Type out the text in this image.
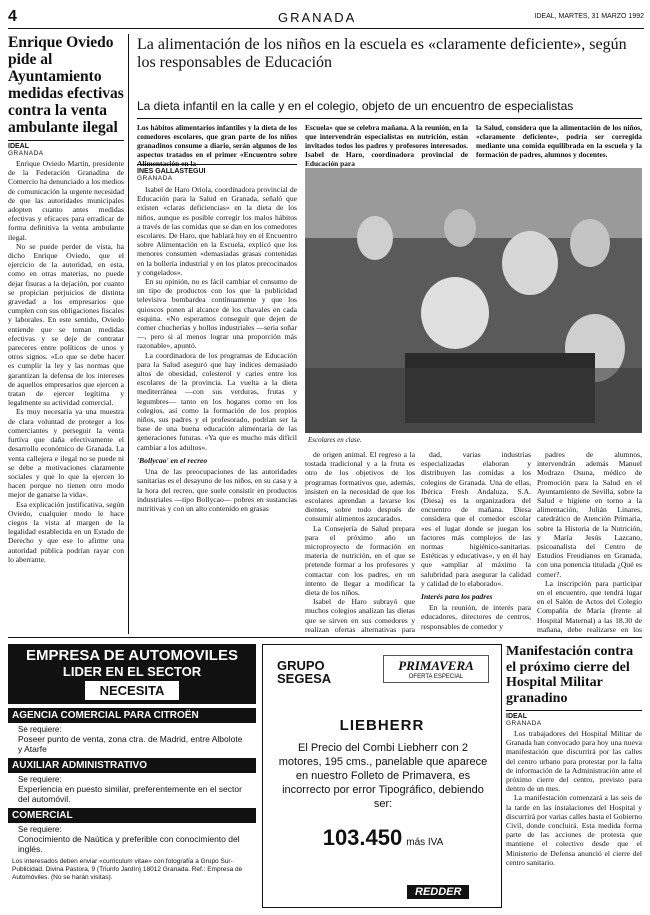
4	GRANADA	IDEAL, MARTES, 31 MARZO 1992
Enrique Oviedo pide al Ayuntamiento medidas efectivas contra la venta ambulante ilegal
IDEAL
GRANADA

Enrique Oviedo Martín, presidente de la Federación Granadina de Comercio ha denunciado a los medios de comunicación la urgente necesidad de que las autoridades municipales adopten cuanto antes medidas efectivas y eficaces para erradicar de forma definitiva la venta ambulante ilegal.

No se puede perder de vista, ha dicho Enrique Oviedo, que el ejercicio de la autoridad, en esta, como en otras materias, no puede dejar fisuras a la dejación, por cuanto se propician perjuicios de distinta gravedad a los empresarios que cumplen con sus obligaciones fiscales y laborales. En este sentido, Oviedo entiende que se toman medidas efectivas y se deje de contratar pareceres entre políticos de unos y otros signos. «Lo que se debe hacer es cumplir la ley y las normas que garantizan la defensa de los intereses de aquellos empresarios que ejercen a tratan de ejercer legítima y legalmente su actividad comercial.

Es muy necesaria ya una muestra de clara voluntad de proteger a los comerciantes y perseguir la venta furtiva que daña efectivamente el desarrollo económico de Granada. La venta callejera e ilegal no se puede ni se debe a motivaciones claramente sociales y que lo que la ejercen lo hacen porque no tienen otro modo mejor de ganarse la vida».

Esa explicación justificativa, según Oviedo, cualquier modo le hace ciegos la vista al margen de la legalidad establecida en un Estado de Derecho y que ese lo afirme una autoridad pública podrían rayar con lo aberrante.

La alimentación de los niños en la escuela es «claramente deficiente», según los responsables de Educación
La dieta infantil en la calle y en el colegio, objeto de un encuentro de especialistas
Los hábitos alimentarios infantiles y la dieta de los comedores escolares, que gran parte de los niños granadinos consume a diario, serán algunos de los aspectos tratados en el primer «Encuentro sobre
Escuela» que se celebra mañana. A la reunión, en la que intervendrán especialistas en nutrición, están invitados todos los padres y profesores interesados. Isabel de Haro, coordinadora provincial de Educación para
la Salud, considera que la alimentación de los niños, «claramente deficiente», podría ser corregida mediante una comida equilibrada en la escuela y la formación de padres, alumnos y docentes.
INES GALLASTEGUI
GRANADA

Isabel de Haro Oriola, coordinadora provincial de Educación para la Salud en Granada, señaló que existen «claras deficiencias» en la dieta de los niños, aunque es posible corregir los malos hábitos a través de las comidas que se dan en los comedores escolares. De Haro, que hablará hoy en el Encuentro sobre Alimentación en la Escuela, explicó que los menores consumen «demasiadas grasas contenidas en la bollería industrial y en los platos precocinados y congelados».

En su opinión, no es fácil cambiar el consumo de un tipo de productos con los que la publicidad televisiva bombardea continuamente y que los quioscos ponen al alcance de los chavales en cada esquina. «No esperamos conseguir que dejen de comer chucherías y bollos industriales —seria soñar—, pero si al menos lograr una proporción más razonable», apuntó.

La coordinadora de los programas de Educación para la Salud aseguró que hay índices demasiado altos de obesidad, colesterol y caries entre los escolares de la provincia. La vuelta a la dieta mediterránea —con sus verduras, frutas y legumbres— tanto en los hogares como en los colegios, así como la formación de los propios niños, sus padres y el profesorado, podrían ser la base de una buena educación alimentaria de las generaciones futuras. «Ya que es mucho más difícil cambiar a los adultos».

'Bollycao' en el recreo

Una de las preocupaciones de las autoridades sanitarias es el desayuno de los niños, en su casa y a la hora del recreo, que suele consistir en productos industriales —tipo Bollycao— pobres en sustancias nutritivas y con un alto contenido en grasas

Escolares en clase.

de origen animal. El regreso a la tostada tradicional y a la fruta es otro de los objetivos de los programas formativos que, además, insisten en la necesidad de que los escolares aprendan a lavarse los dientes, sobre todo después de consumir alimentos azucarados.

La Consejería de Salud prepara para el próximo año un microproyecto de formación en materia de nutrición, en el que se pretende formar a los profesores y contactar con los padres, en un intento de llegar a modificar la dieta de los niños.

Isabel de Haro subrayó que muchos colegios analizan las dietas que se sirven en sus comedores y realizan ofertas alternativas para

dad, varias industrias especializadas elaboran y distribuyen las comidas a los colegios de Granada. Una de ellas, Ibérica Fresh Andaluza, S.A. (Diesa) es la organizadora del encuentro de mañana. Diesa considera que el comedor escolar «es el lugar donde se juegan los factores más complejos de las normas higiénico-sanitarias. Estéticas y educativas», y en él hay que «ampliar al máximo la salubridad para asegurar la calidad y calidad de lo elaborado».

Interés para los padres

En la reunión, de interés para educadores, directores de centros, responsables de comedor y

padres de alumnos, intervendrán además Manuel Modrazo Osuna, médico de Promoción para la Salud en el Ayuntamiento de Sevilla, sobre la Salud e higiene en torno a la alimentación, Julián Linares, catedrático de Atención Primaria, sobre la Historia de la Nutrición, y María Jesús Lazcano, psicoanalista del Centro de Estudios Freudianos en Granada, con una ponencia titulada ¿Qué es comer?.

La inscripción para participar en el encuentro, que tendrá lugar en el Salón de Actos del Colegio Compañía de María (frente al Hospital Maternal) a las 18.30 de mañana, debe realizarse en los

EMPRESA DE AUTOMOVILES
LIDER EN EL SECTOR
NECESITA
AGENCIA COMERCIAL PARA CITROËN
Se requiere:
Poseer punto de venta, zona ctra. de Madrid, entre Albolote y Atarfe
AUXILIAR ADMINISTRATIVO
Se requiere:
Experiencia en puesto similar, preferentemente en el sector del automóvil.
COMERCIAL
Se requiere:
Conocimiento de Naútica y preferible con conocimiento del inglés.
Los interesados deben enviar «curriculum vitae» con fotografía a Grupo Sur-Publicidad. Divina Pastora, 9 (Triunfo Jardín) 18012 Granada. Ref.: Empresa de Automóviles. (No se harán visitas).
GRUPO SEGESA
PRIMAVERA
OFERTA ESPECIAL
LIEBHERR
El Precio del Combi Liebherr con 2 motores, 195 cms., panelable que aparece en nuestro Folleto de Primavera, es incorrecto por error Tipográfico, debiendo ser:
103.450 más IVA
REDDER
Manifestación contra el próximo cierre del Hospital Militar granadino
IDEAL
GRANADA

Los trabajadores del Hospital Militar de Granada han convocado para hoy una nueva manifestación que discurrirá por las calles del centro urbano para protestar por la falta de información de la Administración ante el próximo cierre del centro, previsto para dentro de un mes.

La manifestación comenzará a las seis de la tarde en las instalaciones del Hospital y discurrirá por varias calles hasta el Gobierno Civil, donde concluirá. Esta medida forma parte de las acciones de protesta que mantiene el colectivo desde que el Ministerio de Defensa anunció el cierre del centro sanitario.
